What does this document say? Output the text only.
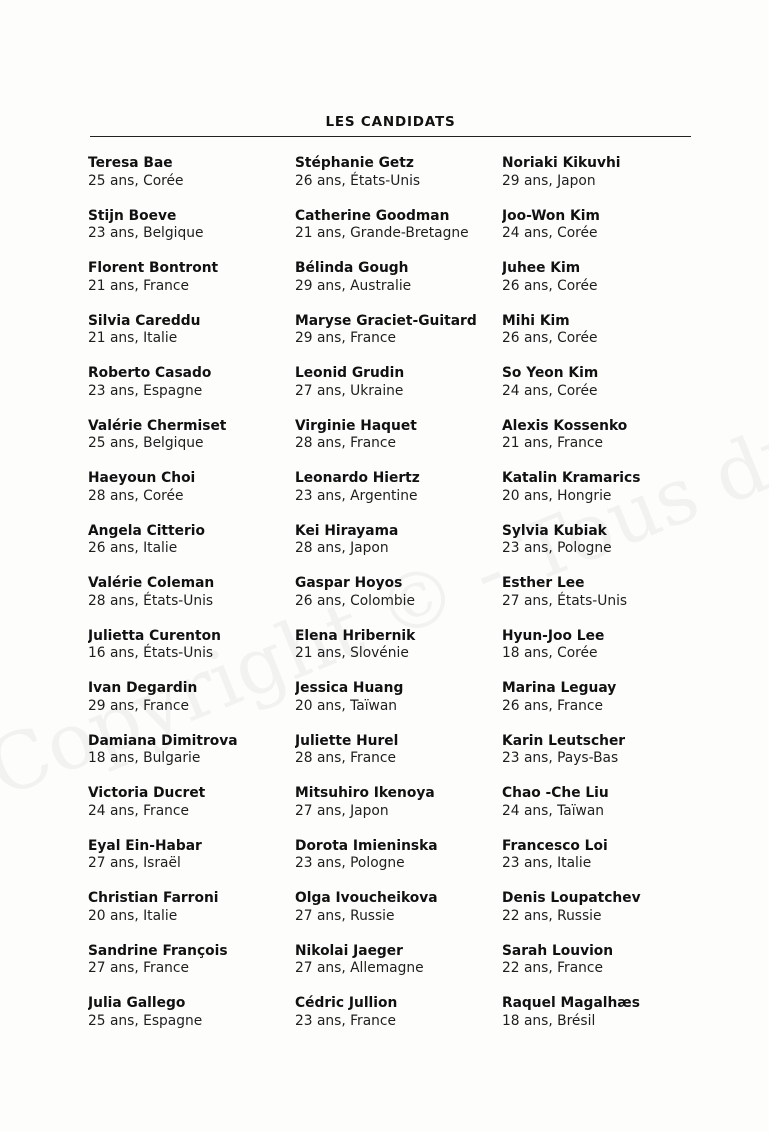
LES CANDIDATS
Teresa Bae
25 ans, Corée
Stijn Boeve
23 ans, Belgique
Florent Bontront
21 ans, France
Silvia Careddu
21 ans, Italie
Roberto Casado
23 ans, Espagne
Valérie Chermiset
25 ans, Belgique
Haeyoun Choi
28 ans, Corée
Angela Citterio
26 ans, Italie
Valérie Coleman
28 ans, États-Unis
Julietta Curenton
16 ans, États-Unis
Ivan Degardin
29 ans, France
Damiana Dimitrova
18 ans, Bulgarie
Victoria Ducret
24 ans, France
Eyal Ein-Habar
27 ans, Israël
Christian Farroni
20 ans, Italie
Sandrine François
27 ans, France
Julia Gallego
25 ans, Espagne
Stéphanie Getz
26 ans, États-Unis
Catherine Goodman
21 ans, Grande-Bretagne
Bélinda Gough
29 ans, Australie
Maryse Graciet-Guitard
29 ans, France
Leonid Grudin
27 ans, Ukraine
Virginie Haquet
28 ans, France
Leonardo Hiertz
23 ans, Argentine
Kei Hirayama
28 ans, Japon
Gaspar Hoyos
26 ans, Colombie
Elena Hribernik
21 ans, Slovénie
Jessica Huang
20 ans, Taïwan
Juliette Hurel
28 ans, France
Mitsuhiro Ikenoya
27 ans, Japon
Dorota Imieninska
23 ans, Pologne
Olga Ivoucheikova
27 ans, Russie
Nikolai Jaeger
27 ans, Allemagne
Cédric Jullion
23 ans, France
Noriaki Kikuvhi
29 ans, Japon
Joo-Won Kim
24 ans, Corée
Juhee Kim
26 ans, Corée
Mihi Kim
26 ans, Corée
So Yeon Kim
24 ans, Corée
Alexis Kossenko
21 ans, France
Katalin Kramarics
20 ans, Hongrie
Sylvia Kubiak
23 ans, Pologne
Esther Lee
27 ans, États-Unis
Hyun-Joo Lee
18 ans, Corée
Marina Leguay
26 ans, France
Karin Leutscher
23 ans, Pays-Bas
Chao -Che Liu
24 ans, Taïwan
Francesco Loi
23 ans, Italie
Denis Loupatchev
22 ans, Russie
Sarah Louvion
22 ans, France
Raquel Magalhæs
18 ans, Brésil
